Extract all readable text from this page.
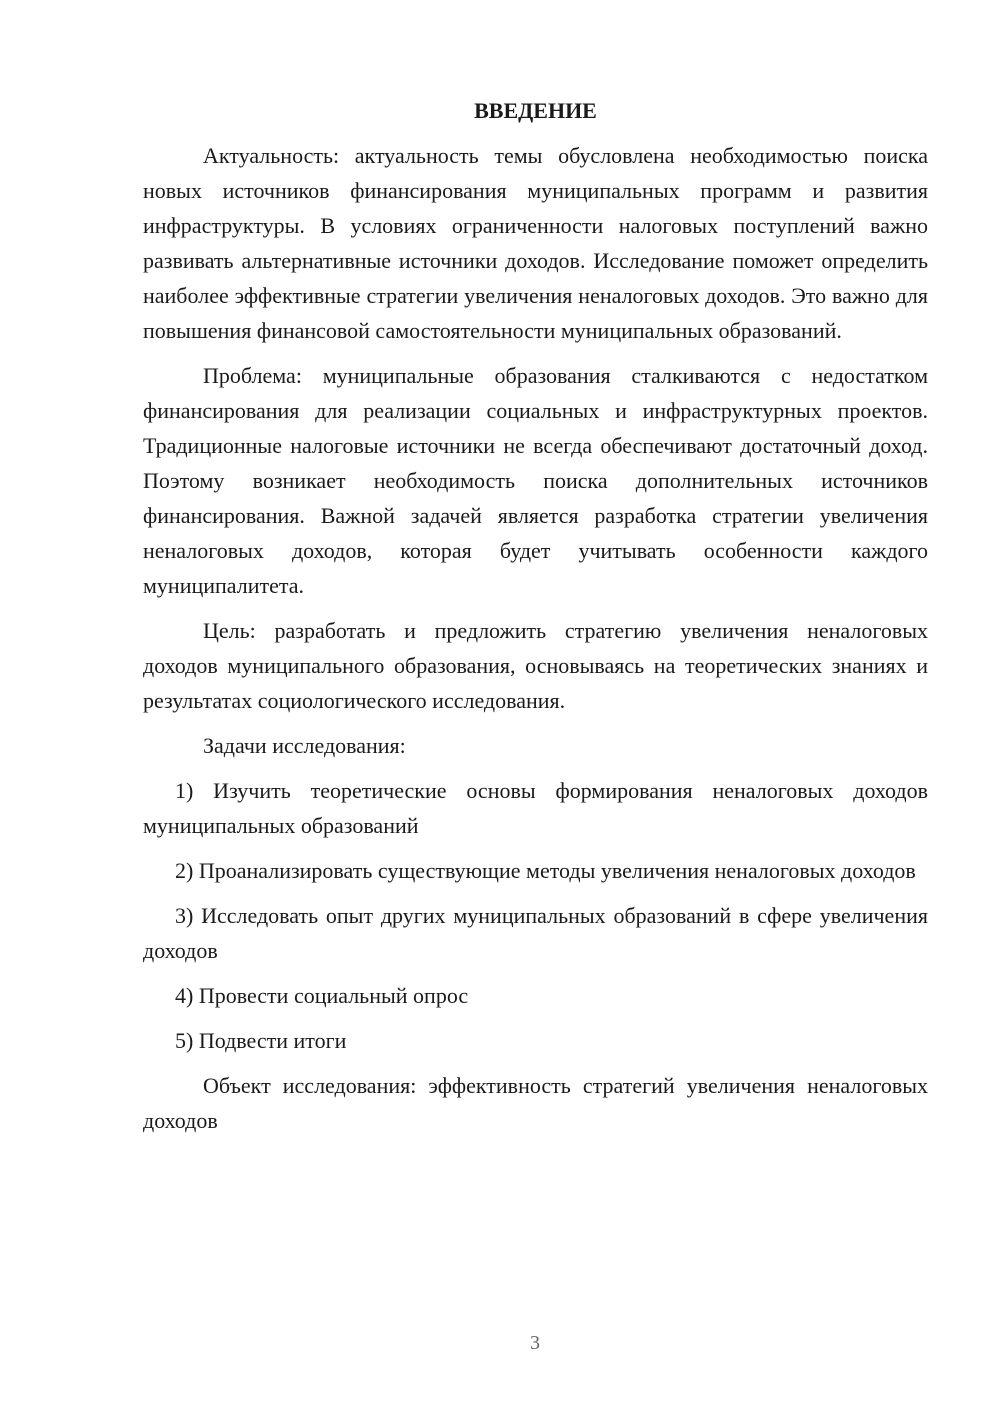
ВВЕДЕНИЕ

Актуальность: актуальность темы обусловлена необходимостью поиска новых источников финансирования муниципальных программ и развития инфраструктуры. В условиях ограниченности налоговых поступлений важно развивать альтернативные источники доходов. Исследование поможет определить наиболее эффективные стратегии увеличения неналоговых доходов. Это важно для повышения финансовой самостоятельности муниципальных образований.

Проблема: муниципальные образования сталкиваются с недостатком финансирования для реализации социальных и инфраструктурных проектов. Традиционные налоговые источники не всегда обеспечивают достаточный доход. Поэтому возникает необходимость поиска дополнительных источников финансирования. Важной задачей является разработка стратегии увеличения неналоговых доходов, которая будет учитывать особенности каждого муниципалитета.

Цель: разработать и предложить стратегию увеличения неналоговых доходов муниципального образования, основываясь на теоретических знаниях и результатах социологического исследования.

Задачи исследования:

1) Изучить теоретические основы формирования неналоговых доходов муниципальных образований

2) Проанализировать существующие методы увеличения неналоговых доходов

3) Исследовать опыт других муниципальных образований в сфере увеличения доходов

4) Провести социальный опрос

5) Подвести итоги

Объект исследования: эффективность стратегий увеличения неналоговых доходов

3
